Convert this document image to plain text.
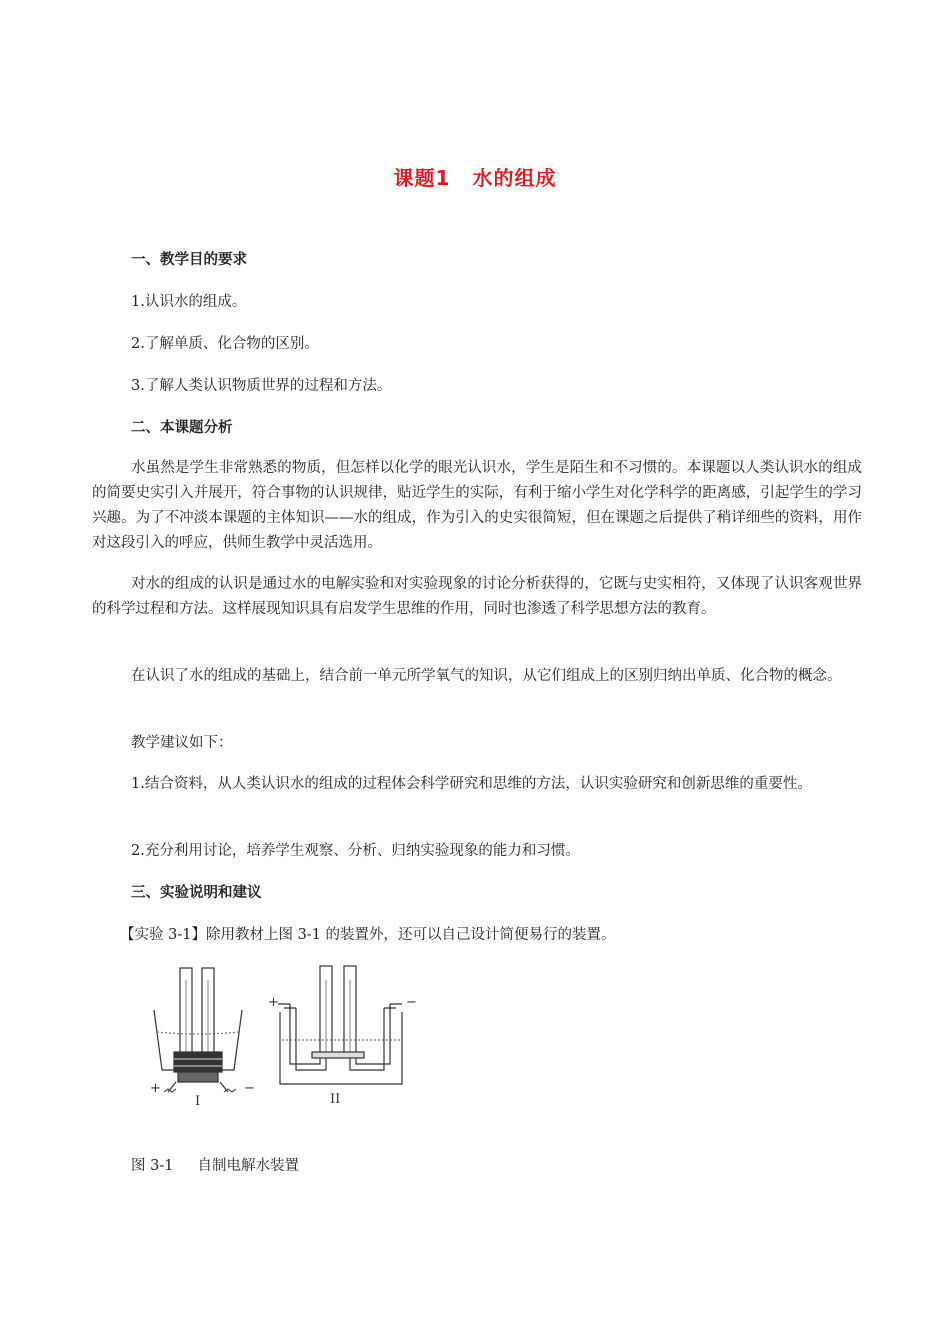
课题1 水的组成
一、教学目的要求
1.认识水的组成。
2.了解单质、化合物的区别。
3.了解人类认识物质世界的过程和方法。
二、本课题分析
水虽然是学生非常熟悉的物质，但怎样以化学的眼光认识水，学生是陌生和不习惯的。本课题以人类认识水的组成的简要史实引入并展开，符合事物的认识规律，贴近学生的实际，有利于缩小学生对化学科学的距离感，引起学生的学习兴趣。为了不冲淡本课题的主体知识——水的组成，作为引入的史实很简短，但在课题之后提供了稍详细些的资料，用作对这段引入的呼应，供师生教学中灵活选用。
对水的组成的认识是通过水的电解实验和对实验现象的讨论分析获得的，它既与史实相符，又体现了认识客观世界的科学过程和方法。这样展现知识具有启发学生思维的作用，同时也渗透了科学思想方法的教育。
在认识了水的组成的基础上，结合前一单元所学氧气的知识，从它们组成上的区别归纳出单质、化合物的概念。
教学建议如下：
1.结合资料，从人类认识水的组成的过程体会科学研究和思维的方法，认识实验研究和创新思维的重要性。
2.充分利用讨论，培养学生观察、分析、归纳实验现象的能力和习惯。
三、实验说明和建议
【实验 3-1】除用教材上图 3-1 的装置外，还可以自己设计简便易行的装置。
+	−
I
+	−
II
图 3-1 自制电解水装置
